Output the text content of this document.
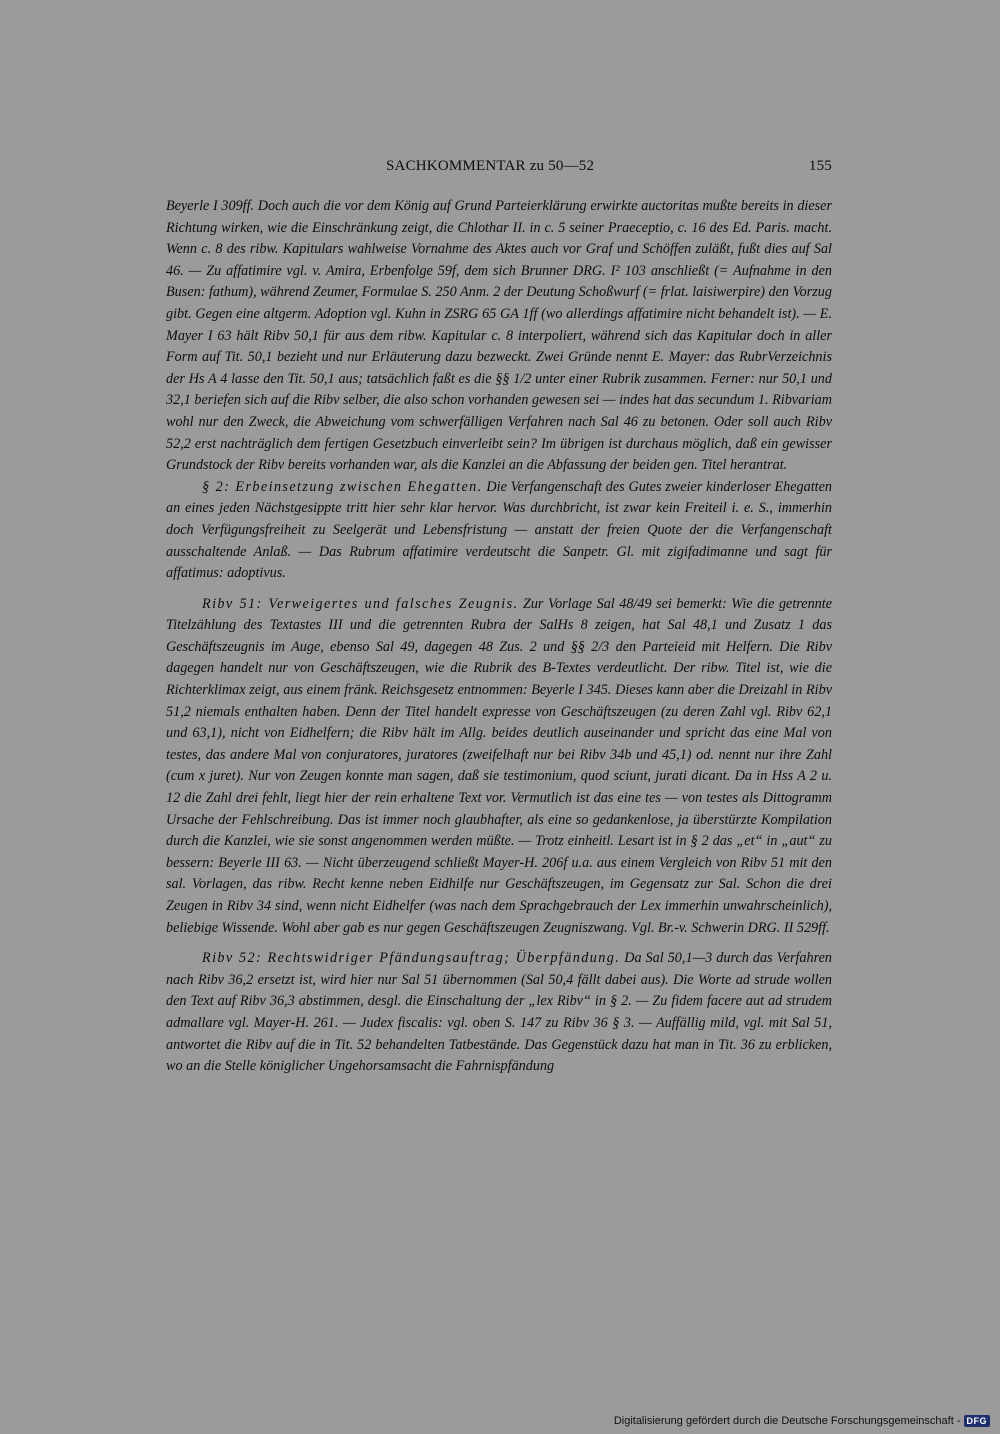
SACHKOMMENTAR zu 50—52	155

Beyerle I 309ff. Doch auch die vor dem König auf Grund Parteierklärung erwirkte auctoritas mußte bereits in dieser Richtung wirken, wie die Einschränkung zeigt, die Chlothar II. in c. 5 seiner Praeceptio, c. 16 des Ed. Paris. macht. Wenn c. 8 des ribw. Kapitulars wahlweise Vornahme des Aktes auch vor Graf und Schöffen zuläßt, fußt dies auf Sal 46. — Zu affatimire vgl. v. Amira, Erbenfolge 59f, dem sich Brunner DRG. I² 103 anschließt (= Aufnahme in den Busen: fathum), während Zeumer, Formulae S. 250 Anm. 2 der Deutung Schoßwurf (= frlat. laisiwerpire) den Vorzug gibt. Gegen eine altgerm. Adoption vgl. Kuhn in ZSRG 65 GA 1ff (wo allerdings affatimire nicht behandelt ist). — E. Mayer I 63 hält Ribv 50,1 für aus dem ribw. Kapitular c. 8 interpoliert, während sich das Kapitular doch in aller Form auf Tit. 50,1 bezieht und nur Erläuterung dazu bezweckt. Zwei Gründe nennt E. Mayer: das RubrVerzeichnis der Hs A 4 lasse den Tit. 50,1 aus; tatsächlich faßt es die §§ 1/2 unter einer Rubrik zusammen. Ferner: nur 50,1 und 32,1 beriefen sich auf die Ribv selber, die also schon vorhanden gewesen sei — indes hat das secundum 1. Ribvariam wohl nur den Zweck, die Abweichung vom schwerfälligen Verfahren nach Sal 46 zu betonen. Oder soll auch Ribv 52,2 erst nachträglich dem fertigen Gesetzbuch einverleibt sein? Im übrigen ist durchaus möglich, daß ein gewisser Grundstock der Ribv bereits vorhanden war, als die Kanzlei an die Abfassung der beiden gen. Titel herantrat.

§ 2: Erbeinsetzung zwischen Ehegatten. Die Verfangenschaft des Gutes zweier kinderloser Ehegatten an eines jeden Nächstgesippte tritt hier sehr klar hervor. Was durchbricht, ist zwar kein Freiteil i. e. S., immerhin doch Verfügungsfreiheit zu Seelgerät und Lebensfristung — anstatt der freien Quote der die Verfangenschaft ausschaltende Anlaß. — Das Rubrum affatimire verdeutscht die Sanpetr. Gl. mit zigifadimanne und sagt für affatimus: adoptivus.

Ribv 51: Verweigertes und falsches Zeugnis. Zur Vorlage Sal 48/49 sei bemerkt: Wie die getrennte Titelzählung des Textastes III und die getrennten Rubra der SalHs 8 zeigen, hat Sal 48,1 und Zusatz 1 das Geschäftszeugnis im Auge, ebenso Sal 49, dagegen 48 Zus. 2 und §§ 2/3 den Parteieid mit Helfern. Die Ribv dagegen handelt nur von Geschäftszeugen, wie die Rubrik des B-Textes verdeutlicht. Der ribw. Titel ist, wie die Richterklimax zeigt, aus einem fränk. Reichsgesetz entnommen: Beyerle I 345. Dieses kann aber die Dreizahl in Ribv 51,2 niemals enthalten haben. Denn der Titel handelt expresse von Geschäftszeugen (zu deren Zahl vgl. Ribv 62,1 und 63,1), nicht von Eidhelfern; die Ribv hält im Allg. beides deutlich auseinander und spricht das eine Mal von testes, das andere Mal von conjuratores, juratores (zweifelhaft nur bei Ribv 34b und 45,1) od. nennt nur ihre Zahl (cum x juret). Nur von Zeugen konnte man sagen, daß sie testimonium, quod sciunt, jurati dicant. Da in Hss A 2 u. 12 die Zahl drei fehlt, liegt hier der rein erhaltene Text vor. Vermutlich ist das eine tes — von testes als Dittogramm Ursache der Fehlschreibung. Das ist immer noch glaubhafter, als eine so gedankenlose, ja überstürzte Kompilation durch die Kanzlei, wie sie sonst angenommen werden müßte. — Trotz einheitl. Lesart ist in § 2 das „et“ in „aut“ zu bessern: Beyerle III 63. — Nicht überzeugend schließt Mayer-H. 206f u.a. aus einem Vergleich von Ribv 51 mit den sal. Vorlagen, das ribw. Recht kenne neben Eidhilfe nur Geschäftszeugen, im Gegensatz zur Sal. Schon die drei Zeugen in Ribv 34 sind, wenn nicht Eidhelfer (was nach dem Sprachgebrauch der Lex immerhin unwahrscheinlich), beliebige Wissende. Wohl aber gab es nur gegen Geschäftszeugen Zeugniszwang. Vgl. Br.-v. Schwerin DRG. II 529ff.

Ribv 52: Rechtswidriger Pfändungsauftrag; Überpfändung. Da Sal 50,1—3 durch das Verfahren nach Ribv 36,2 ersetzt ist, wird hier nur Sal 51 übernommen (Sal 50,4 fällt dabei aus). Die Worte ad strude wollen den Text auf Ribv 36,3 abstimmen, desgl. die Einschaltung der „lex Ribv“ in § 2. — Zu fidem facere aut ad strudem admallare vgl. Mayer-H. 261. — Judex fiscalis: vgl. oben S. 147 zu Ribv 36 § 3. — Auffällig mild, vgl. mit Sal 51, antwortet die Ribv auf die in Tit. 52 behandelten Tatbestände. Das Gegenstück dazu hat man in Tit. 36 zu erblicken, wo an die Stelle königlicher Ungehorsamsacht die Fahrnispfändung

Digitalisierung gefördert durch die Deutsche Forschungsgemeinschaft - DFG
